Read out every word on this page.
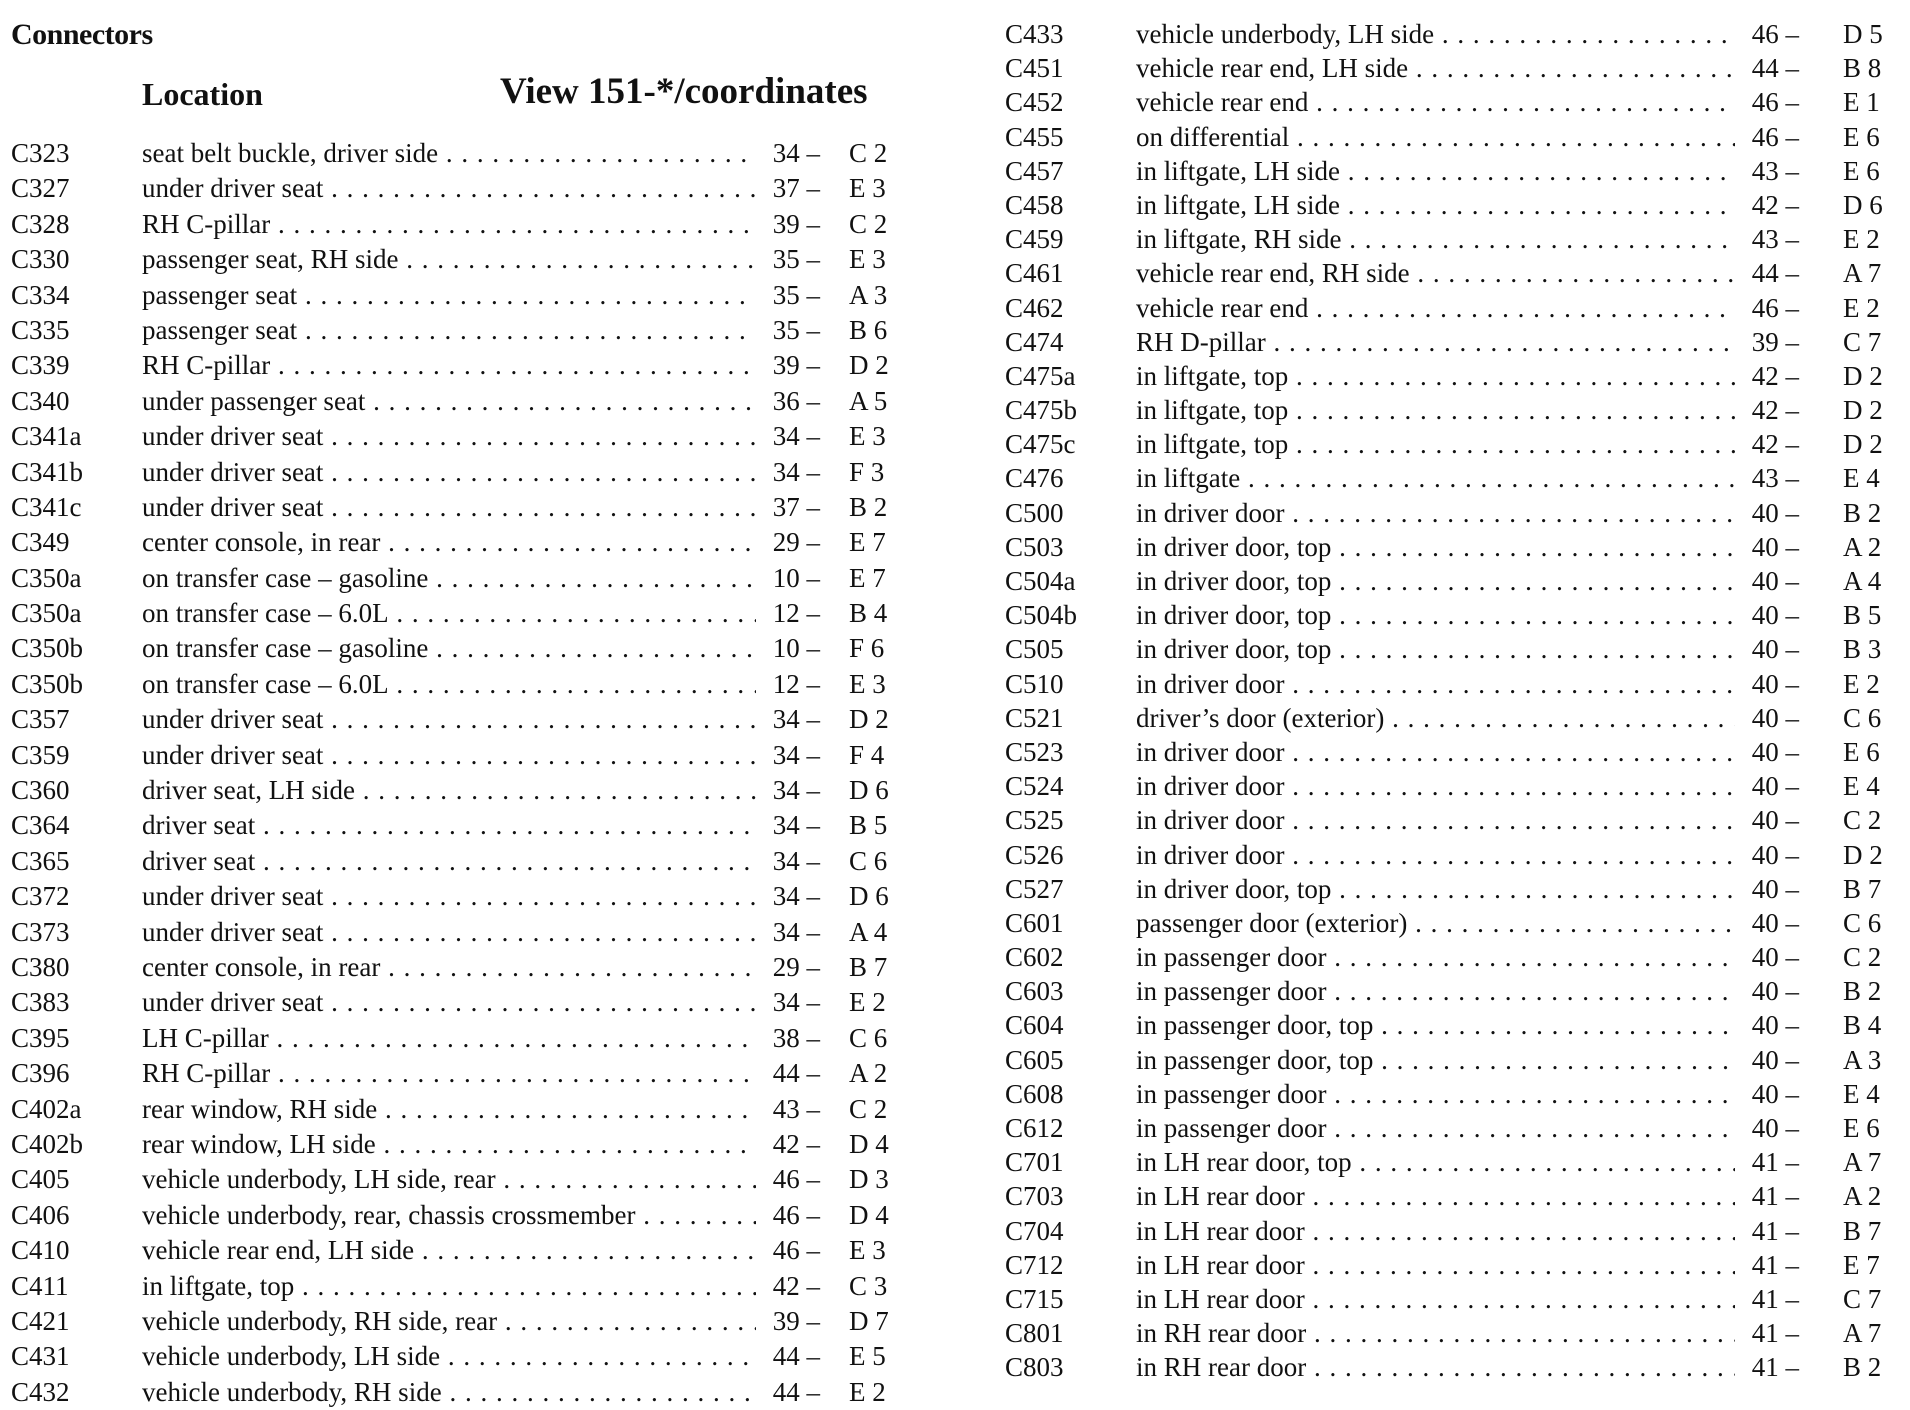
Connectors
Location	View 151-*/coordinates
C323	seat belt buckle, driver side . . .	34 – C 2
C327	under driver seat . . .	37 – E 3
C328	RH C-pillar . . .	39 – C 2
C330	passenger seat, RH side . . .	35 – E 3
C334	passenger seat . . .	35 – A 3
C335	passenger seat . . .	35 – B 6
C339	RH C-pillar . . .	39 – D 2
C340	under passenger seat . . .	36 – A 5
C341a under driver seat . . .	34 – E 3
C341b under driver seat . . .	34 – F 3
C341c under driver seat . . .	37 – B 2
C349	center console, in rear . . .	29 – E 7
C350a on transfer case – gasoline . . .	10 – E 7
C350a on transfer case – 6.0L . . .	12 – B 4
C350b on transfer case – gasoline . . .	10 – F 6
C350b on transfer case – 6.0L . . .	12 – E 3
C357	under driver seat . . .	34 – D 2
C359	under driver seat . . .	34 – F 4
C360	driver seat, LH side . . .	34 – D 6
C364	driver seat . . .	34 – B 5
C365	driver seat . . .	34 – C 6
C372	under driver seat . . .	34 – D 6
C373	under driver seat . . .	34 – A 4
C380	center console, in rear . . .	29 – B 7
C383	under driver seat . . .	34 – E 2
C395	LH C-pillar . . .	38 – C 6
C396	RH C-pillar . . .	44 – A 2
C402a rear window, RH side . . .	43 – C 2
C402b rear window, LH side . . .	42 – D 4
C405	vehicle underbody, LH side, rear . . .	46 – D 3
C406	vehicle underbody, rear, chassis crossmember . . .	46 – D 4
C410	vehicle rear end, LH side . . .	46 – E 3
C411	in liftgate, top . . .	42 – C 3
C421	vehicle underbody, RH side, rear . . .	39 – D 7
C431	vehicle underbody, LH side . . .	44 – E 5
C432	vehicle underbody, RH side . . .	44 – E 2
C433	vehicle underbody, LH side . . .	46 – D 5
C451	vehicle rear end, LH side . . .	44 – B 8
C452	vehicle rear end . . .	46 – E 1
C455	on differential . . .	46 – E 6
C457	in liftgate, LH side . . .	43 – E 6
C458	in liftgate, LH side . . .	42 – D 6
C459	in liftgate, RH side . . .	43 – E 2
C461	vehicle rear end, RH side . . .	44 – A 7
C462	vehicle rear end . . .	46 – E 2
C474	RH D-pillar . . .	39 – C 7
C475a in liftgate, top . . .	42 – D 2
C475b in liftgate, top . . .	42 – D 2
C475c in liftgate, top . . .	42 – D 2
C476	in liftgate . . .	43 – E 4
C500	in driver door . . .	40 – B 2
C503	in driver door, top . . .	40 – A 2
C504a in driver door, top . . .	40 – A 4
C504b in driver door, top . . .	40 – B 5
C505	in driver door, top . . .	40 – B 3
C510	in driver door . . .	40 – E 2
C521	driver’s door (exterior) . . .	40 – C 6
C523	in driver door . . .	40 – E 6
C524	in driver door . . .	40 – E 4
C525	in driver door . . .	40 – C 2
C526	in driver door . . .	40 – D 2
C527	in driver door, top . . .	40 – B 7
C601	passenger door (exterior) . . .	40 – C 6
C602	in passenger door . . .	40 – C 2
C603	in passenger door . . .	40 – B 2
C604	in passenger door, top . . .	40 – B 4
C605	in passenger door, top . . .	40 – A 3
C608	in passenger door . . .	40 – E 4
C612	in passenger door . . .	40 – E 6
C701	in LH rear door, top . . .	41 – A 7
C703	in LH rear door . . .	41 – A 2
C704	in LH rear door . . .	41 – B 7
C712	in LH rear door . . .	41 – E 7
C715	in LH rear door . . .	41 – C 7
C801	in RH rear door . . .	41 – A 7
C803	in RH rear door . . .	41 – B 2
